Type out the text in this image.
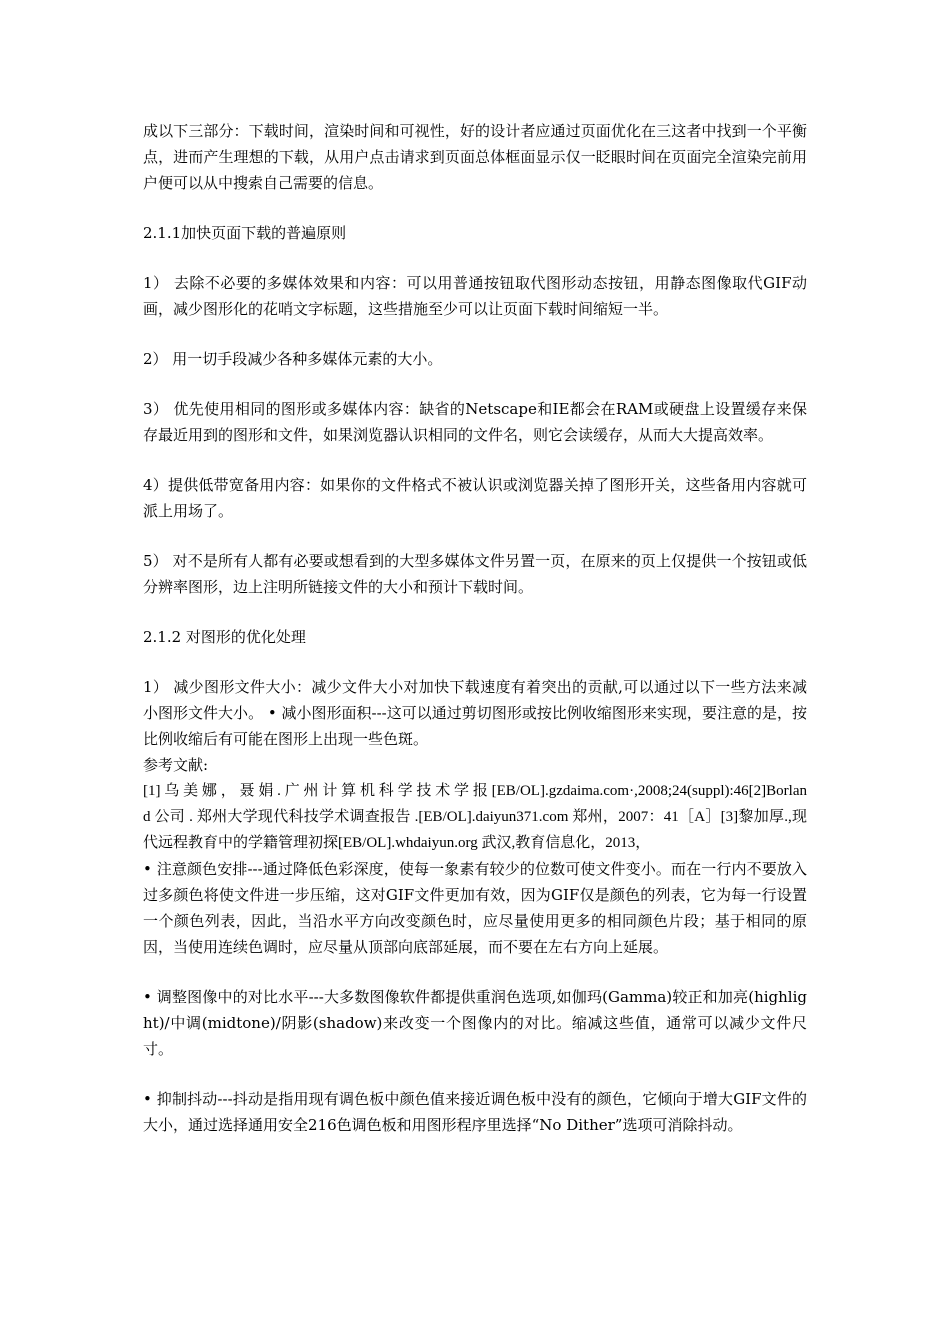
成以下三部分：下载时间，渲染时间和可视性，好的设计者应通过页面优化在三这者中找到一个平衡点，进而产生理想的下载，从用户点击请求到页面总体框面显示仅一眨眼时间在页面完全渲染完前用户便可以从中搜索自己需要的信息。

2.1.1加快页面下载的普遍原则

1） 去除不必要的多媒体效果和内容：可以用普通按钮取代图形动态按钮，用静态图像取代GIF动画，减少图形化的花哨文字标题，这些措施至少可以让页面下载时间缩短一半。

2） 用一切手段减少各种多媒体元素的大小。

3） 优先使用相同的图形或多媒体内容：缺省的Netscape和IE都会在RAM或硬盘上设置缓存来保存最近用到的图形和文件，如果浏览器认识相同的文件名，则它会读缓存，从而大大提高效率。

4）提供低带宽备用内容：如果你的文件格式不被认识或浏览器关掉了图形开关，这些备用内容就可派上用场了。

5） 对不是所有人都有必要或想看到的大型多媒体文件另置一页，在原来的页上仅提供一个按钮或低分辨率图形，边上注明所链接文件的大小和预计下载时间。

2.1.2 对图形的优化处理

1） 减少图形文件大小：减少文件大小对加快下载速度有着突出的贡献,可以通过以下一些方法来减小图形文件大小。 • 减小图形面积---这可以通过剪切图形或按比例收缩图形来实现，要注意的是，按比例收缩后有可能在图形上出现一些色斑。

参考文献:

[1] 乌 美 娜 ， 聂 娟 . 广 州 计 算 机 科 学 技 术 学 报 [EB/OL].gzdaima.com·,2008;24(suppl):46[2]Borland 公司 . 郑州大学现代科技学术调查报告 .[EB/OL].daiyun371.com 郑州，2007：41［A］[3]黎加厚.,现代远程教育中的学籍管理初探[EB/OL].whdaiyun.org 武汉,教育信息化，2013，

• 注意颜色安排---通过降低色彩深度，使每一象素有较少的位数可使文件变小。而在一行内不要放入过多颜色将使文件进一步压缩，这对GIF文件更加有效，因为GIF仅是颜色的列表，它为每一行设置一个颜色列表，因此，当沿水平方向改变颜色时，应尽量使用更多的相同颜色片段；基于相同的原因，当使用连续色调时，应尽量从顶部向底部延展，而不要在左右方向上延展。

• 调整图像中的对比水平---大多数图像软件都提供重润色选项,如伽玛(Gamma)较正和加亮(highlight)/中调(midtone)/阴影(shadow)来改变一个图像内的对比。缩减这些值，通常可以减少文件尺寸。

• 抑制抖动---抖动是指用现有调色板中颜色值来接近调色板中没有的颜色，它倾向于增大GIF文件的大小，通过选择通用安全216色调色板和用图形程序里选择“No Dither”选项可消除抖动。
